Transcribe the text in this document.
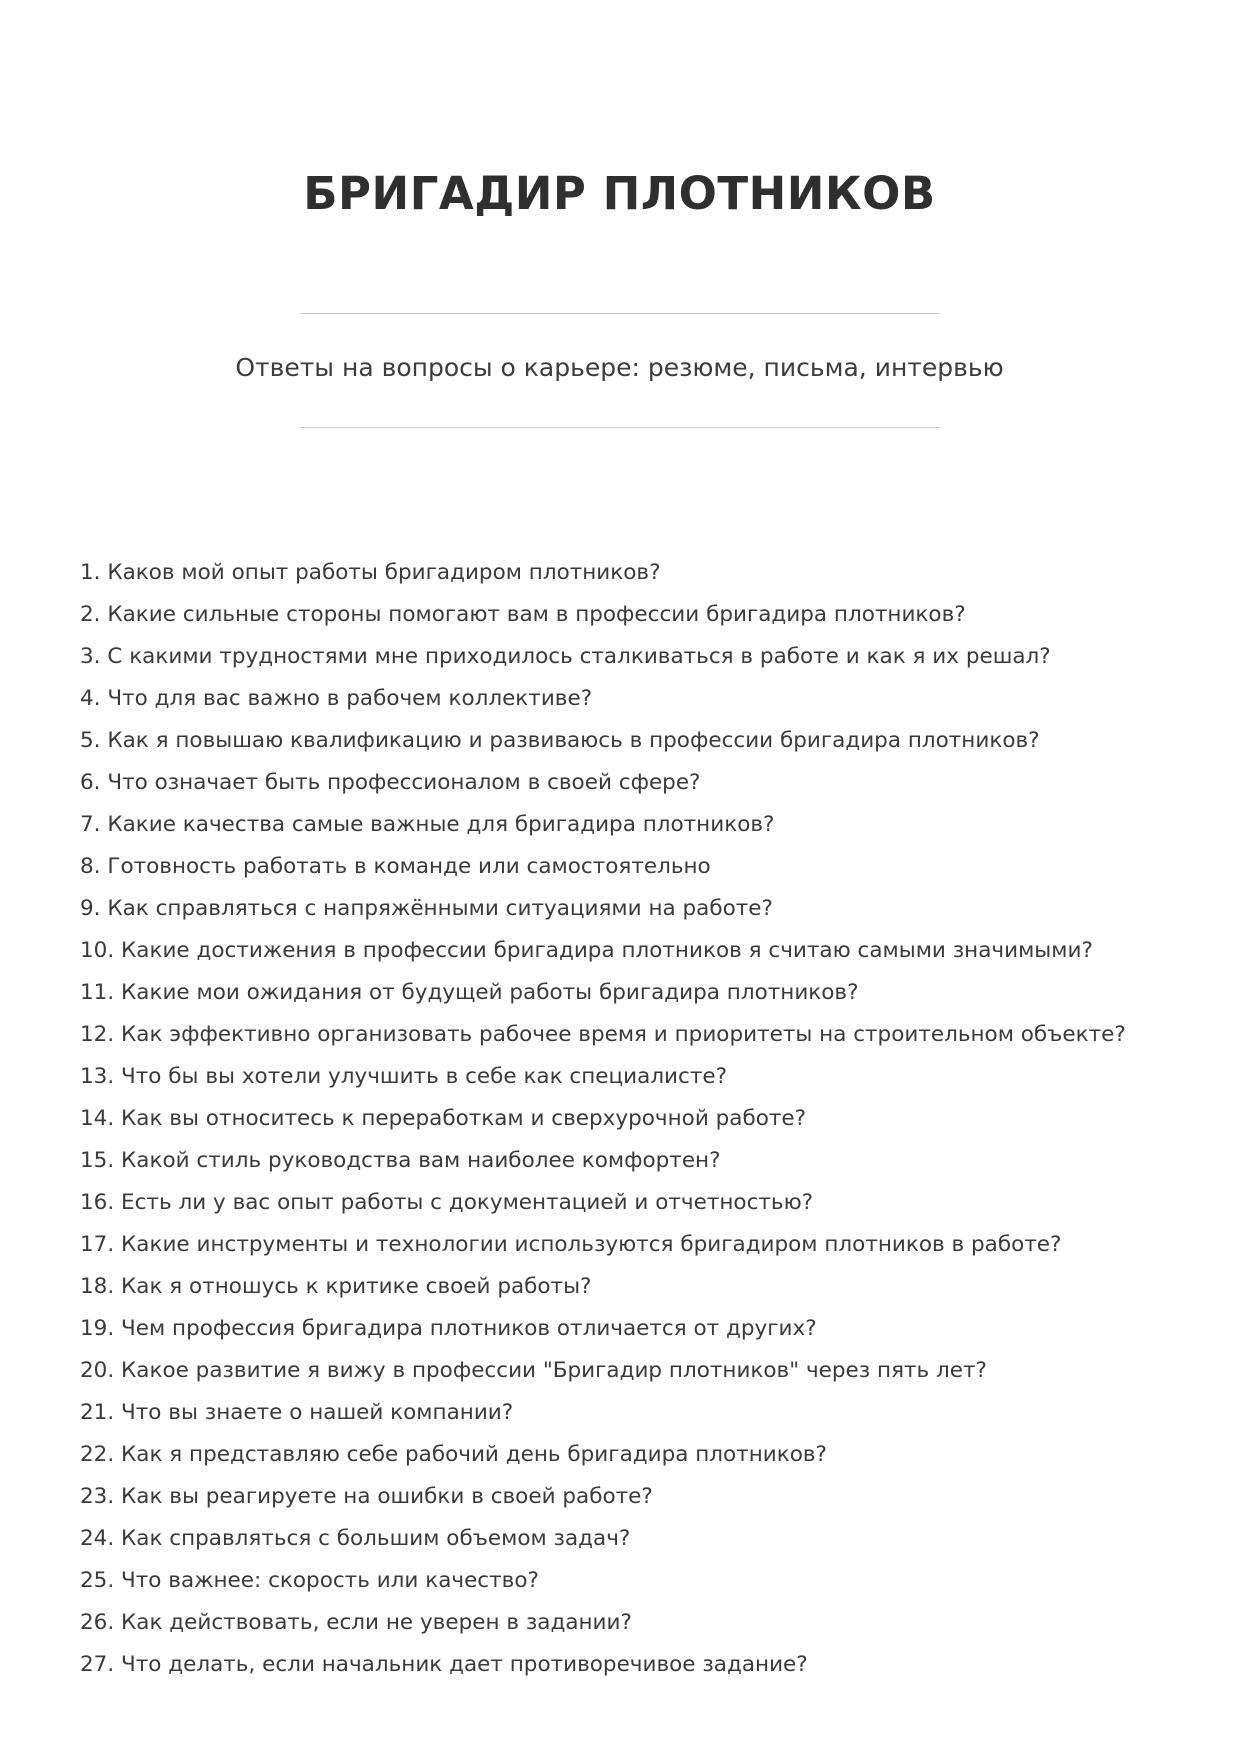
БРИГАДИР ПЛОТНИКОВ

Ответы на вопросы о карьере: резюме, письма, интервью

1. Каков мой опыт работы бригадиром плотников?
2. Какие сильные стороны помогают вам в профессии бригадира плотников?
3. С какими трудностями мне приходилось сталкиваться в работе и как я их решал?
4. Что для вас важно в рабочем коллективе?
5. Как я повышаю квалификацию и развиваюсь в профессии бригадира плотников?
6. Что означает быть профессионалом в своей сфере?
7. Какие качества самые важные для бригадира плотников?
8. Готовность работать в команде или самостоятельно
9. Как справляться с напряжёнными ситуациями на работе?
10. Какие достижения в профессии бригадира плотников я считаю самыми значимыми?
11. Какие мои ожидания от будущей работы бригадира плотников?
12. Как эффективно организовать рабочее время и приоритеты на строительном объекте?
13. Что бы вы хотели улучшить в себе как специалисте?
14. Как вы относитесь к переработкам и сверхурочной работе?
15. Какой стиль руководства вам наиболее комфортен?
16. Есть ли у вас опыт работы с документацией и отчетностью?
17. Какие инструменты и технологии используются бригадиром плотников в работе?
18. Как я отношусь к критике своей работы?
19. Чем профессия бригадира плотников отличается от других?
20. Какое развитие я вижу в профессии "Бригадир плотников" через пять лет?
21. Что вы знаете о нашей компании?
22. Как я представляю себе рабочий день бригадира плотников?
23. Как вы реагируете на ошибки в своей работе?
24. Как справляться с большим объемом задач?
25. Что важнее: скорость или качество?
26. Как действовать, если не уверен в задании?
27. Что делать, если начальник дает противоречивое задание?
